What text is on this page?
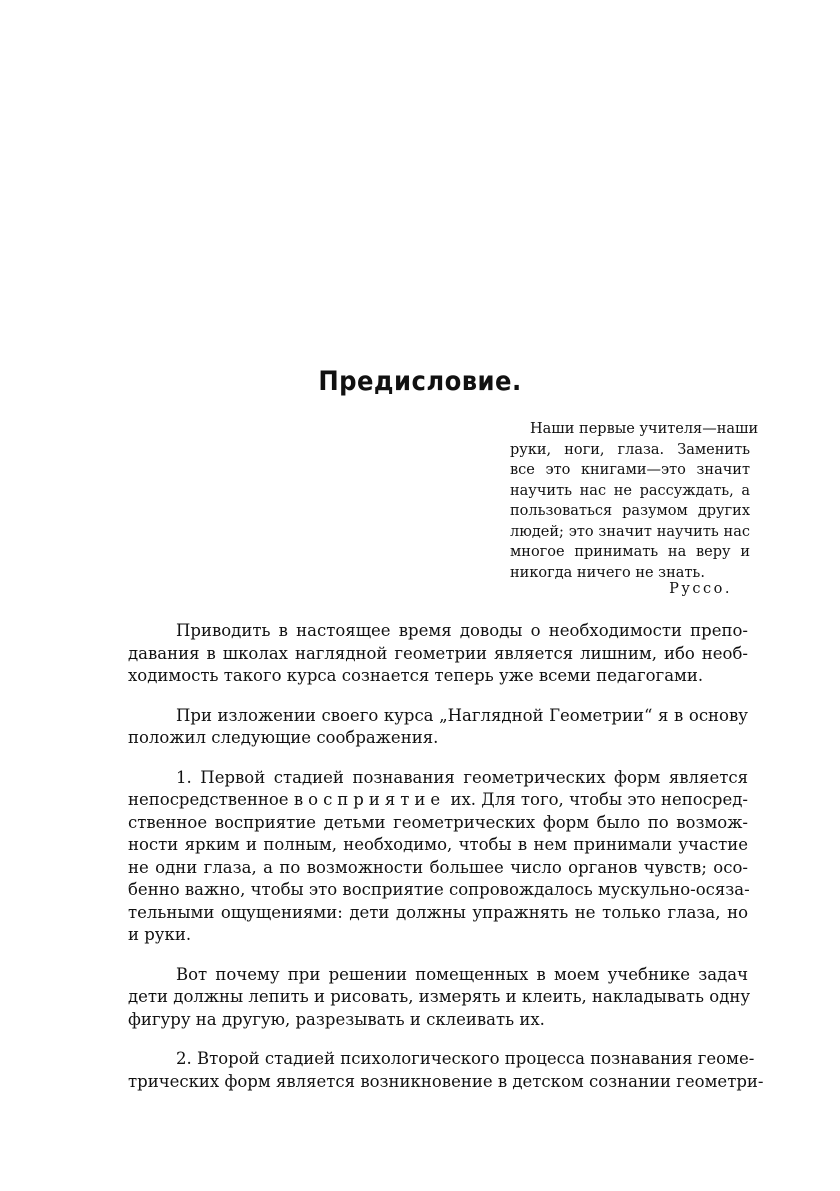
Предисловие.
Наши первые учителя—наши
руки, ноги, глаза. Заменить
все это книгами—это значит
научить нас не рассуждать, а
пользоваться разумом других
людей; это значит научить нас
многое принимать на веру и
никогда ничего не знать.

Руссо.

Приводить в настоящее время доводы о необходимости препо-
давания в школах наглядной геометрии является лишним, ибо необ-
ходимость такого курса сознается теперь уже всеми педагогами.

При изложении своего курса „Наглядной Геометрии“ я в основу
положил следующие соображения.

1. Первой стадией познавания геометрических форм является
непосредственное восприятие их. Для того, чтобы это непосред-
ственное восприятие детьми геометрических форм было по возмож-
ности ярким и полным, необходимо, чтобы в нем принимали участие
не одни глаза, а по возможности большее число органов чувств; осо-
бенно важно, чтобы это восприятие сопровождалось мускульно-осяза-
тельными ощущениями: дети должны упражнять не только глаза, но
и руки.

Вот почему при решении помещенных в моем учебнике задач
дети должны лепить и рисовать, измерять и клеить, накладывать одну
фигуру на другую, разрезывать и склеивать их.

2. Второй стадией психологического процесса познавания геоме-
трических форм является возникновение в детском сознании геометри-
